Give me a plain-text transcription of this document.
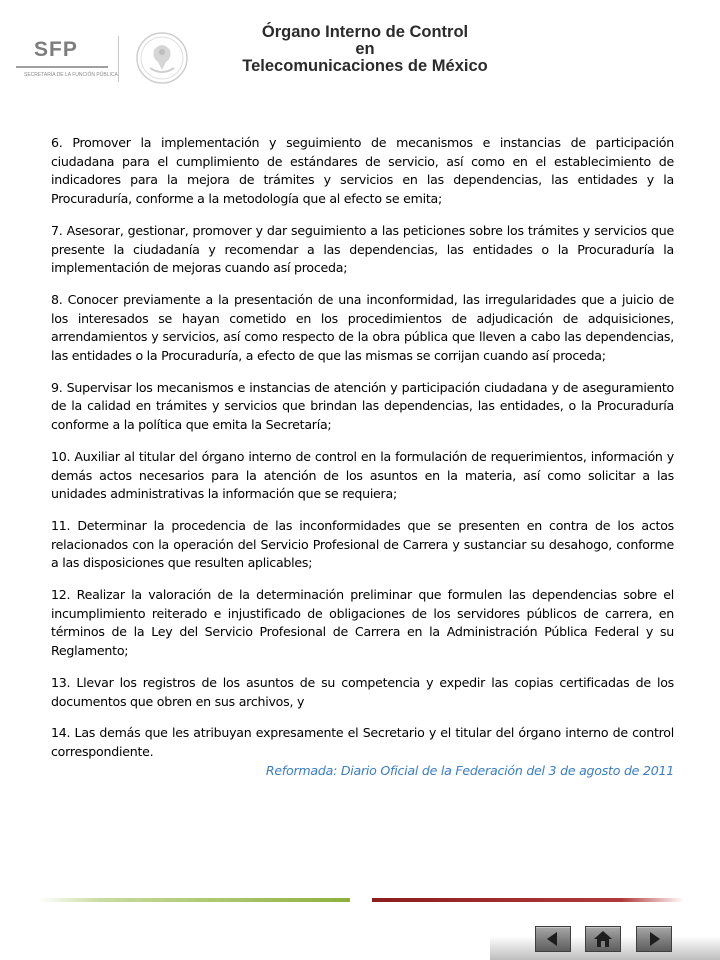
SFP
SECRETARÍA DE LA FUNCIÓN PÚBLICA
Órgano Interno de Control
en
Telecomunicaciones de México

6. Promover la implementación y seguimiento de mecanismos e instancias de participación ciudadana para el cumplimiento de estándares de servicio, así como en el establecimiento de indicadores para la mejora de trámites y servicios en las dependencias, las entidades y la Procuraduría, conforme a la metodología que al efecto se emita;

7. Asesorar, gestionar, promover y dar seguimiento a las peticiones sobre los trámites y servicios que presente la ciudadanía y recomendar a las dependencias, las entidades o la Procuraduría la implementación de mejoras cuando así proceda;

8. Conocer previamente a la presentación de una inconformidad, las irregularidades que a juicio de los interesados se hayan cometido en los procedimientos de adjudicación de adquisiciones, arrendamientos y servicios, así como respecto de la obra pública que lleven a cabo las dependencias, las entidades o la Procuraduría, a efecto de que las mismas se corrijan cuando así proceda;

9. Supervisar los mecanismos e instancias de atención y participación ciudadana y de aseguramiento de la calidad en trámites y servicios que brindan las dependencias, las entidades, o la Procuraduría conforme a la política que emita la Secretaría;

10. Auxiliar al titular del órgano interno de control en la formulación de requerimientos, información y demás actos necesarios para la atención de los asuntos en la materia, así como solicitar a las unidades administrativas la información que se requiera;

11. Determinar la procedencia de las inconformidades que se presenten en contra de los actos relacionados con la operación del Servicio Profesional de Carrera y sustanciar su desahogo, conforme a las disposiciones que resulten aplicables;

12. Realizar la valoración de la determinación preliminar que formulen las dependencias sobre el incumplimiento reiterado e injustificado de obligaciones de los servidores públicos de carrera, en términos de la Ley del Servicio Profesional de Carrera en la Administración Pública Federal y su Reglamento;

13. Llevar los registros de los asuntos de su competencia y expedir las copias certificadas de los documentos que obren en sus archivos, y

14. Las demás que les atribuyan expresamente el Secretario y el titular del órgano interno de control correspondiente.

Reformada: Diario Oficial de la Federación del 3 de agosto de 2011
